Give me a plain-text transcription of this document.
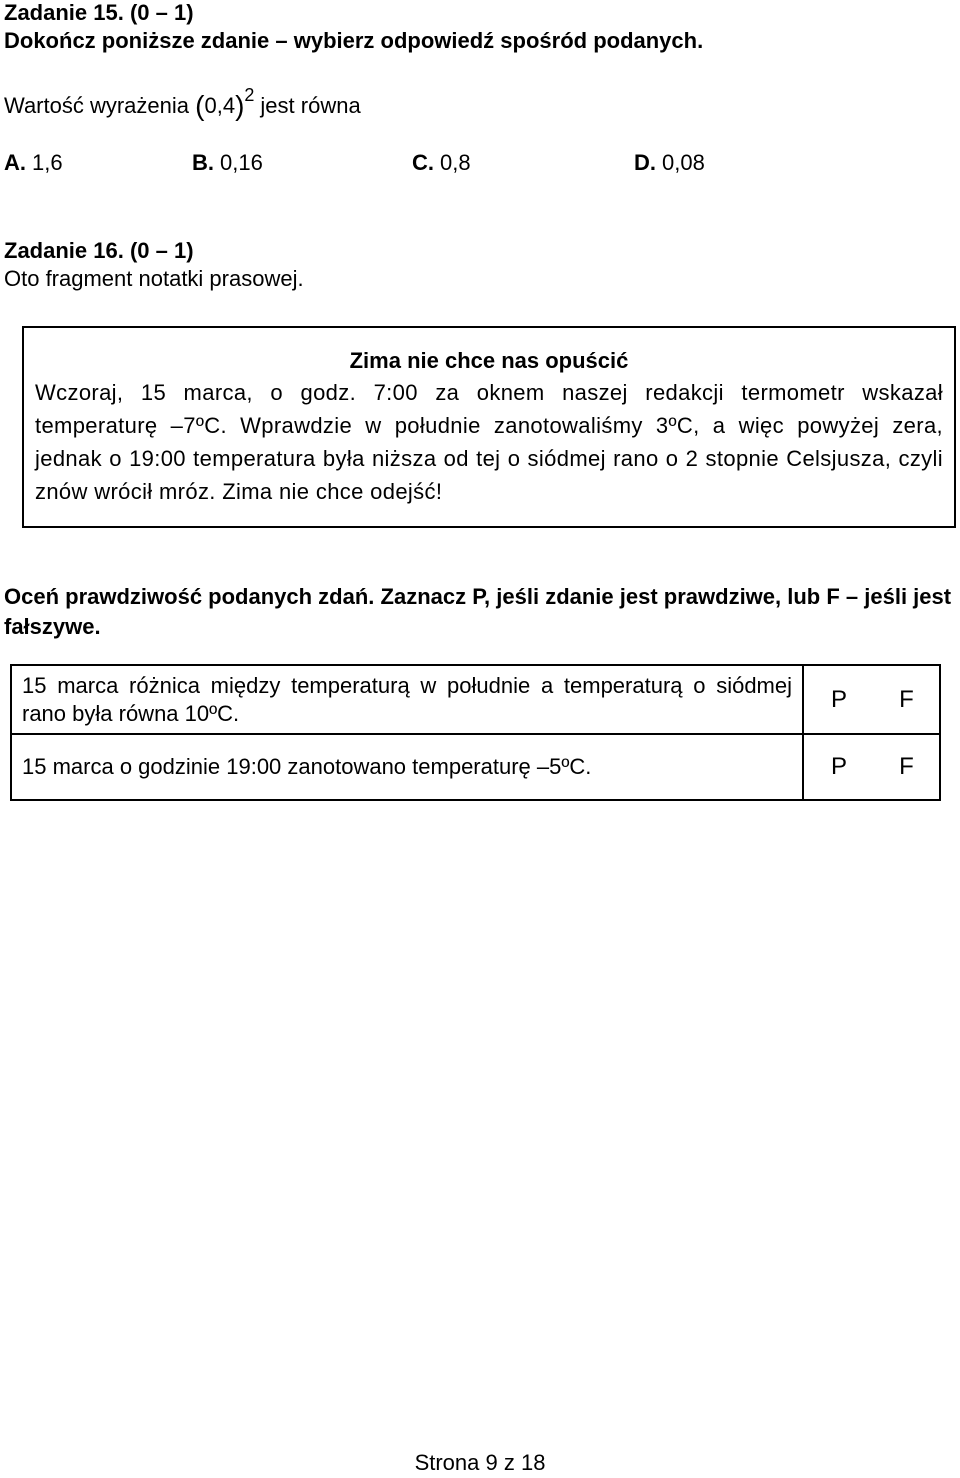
Zadanie 15. (0 – 1)
Dokończ poniższe zdanie – wybierz odpowiedź spośród podanych.
Wartość wyrażenia $(0,4)^2$ jest równa
A. 1,6	B. 0,16	C. 0,8	D. 0,08
Zadanie 16. (0 – 1)
Oto fragment notatki prasowej.
Zima nie chce nas opuścić
Wczoraj, 15 marca, o godz. 7:00 za oknem naszej redakcji termometr wskazał temperaturę –7ºC. Wprawdzie w południe zanotowaliśmy 3ºC, a więc powyżej zera, jednak o 19:00 temperatura była niższa od tej o siódmej rano o 2 stopnie Celsjusza, czyli znów wrócił mróz. Zima nie chce odejść!
Oceń prawdziwość podanych zdań. Zaznacz P, jeśli zdanie jest prawdziwe, lub F – jeśli jest fałszywe.
15 marca różnica między temperaturą w południe a temperaturą o siódmej rano była równa 10ºC.	P	F
15 marca o godzinie 19:00 zanotowano temperaturę –5ºC.	P	F
Strona 9 z 18
